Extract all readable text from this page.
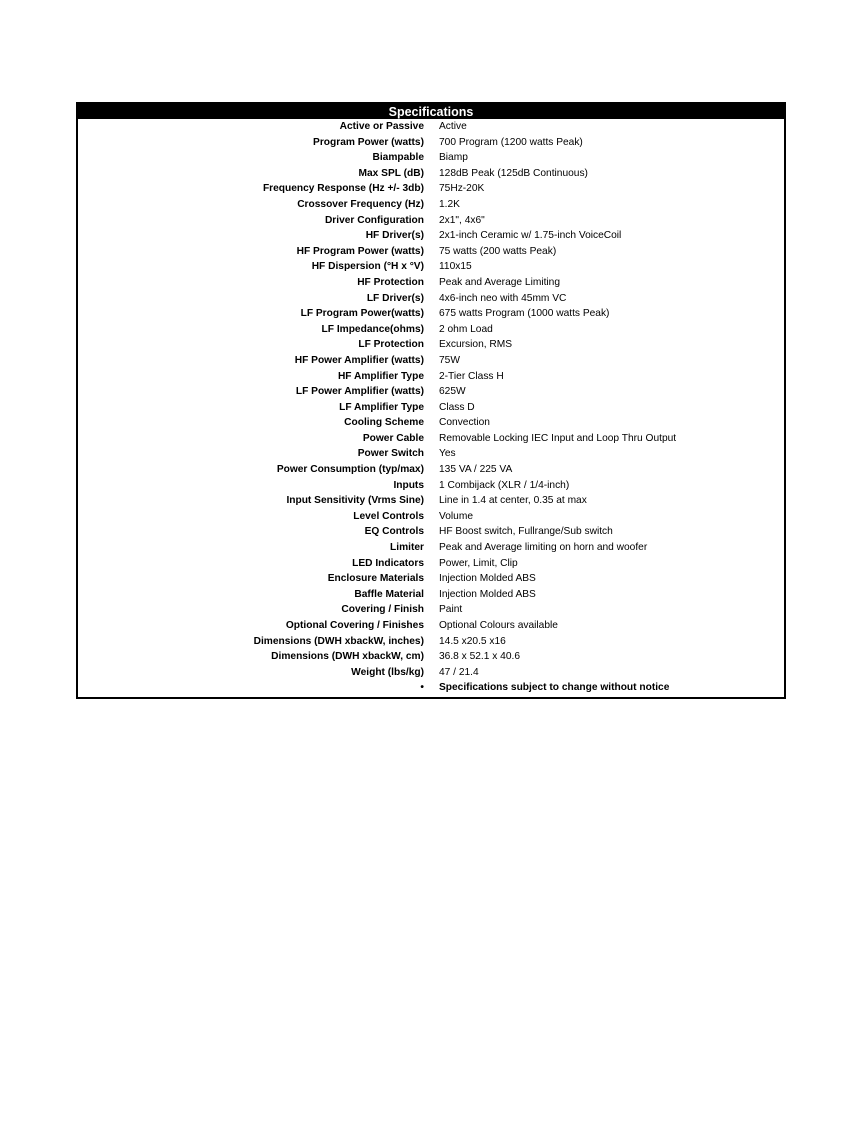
Specifications
Active or Passive	Active
Program Power (watts)	700 Program (1200 watts Peak)
Biampable	Biamp
Max SPL (dB)	128dB Peak (125dB Continuous)
Frequency Response (Hz +/- 3db)	75Hz-20K
Crossover Frequency (Hz)	1.2K
Driver Configuration	2x1", 4x6"
HF Driver(s)	2x1-inch Ceramic w/ 1.75-inch VoiceCoil
HF Program Power (watts)	75 watts (200 watts Peak)
HF Dispersion (°H x °V)	110x15
HF Protection	Peak and Average Limiting
LF Driver(s)	4x6-inch neo with 45mm VC
LF Program Power(watts)	675 watts Program (1000 watts Peak)
LF Impedance(ohms)	2 ohm Load
LF Protection	Excursion, RMS
HF Power Amplifier (watts)	75W
HF Amplifier Type	2-Tier Class H
LF Power Amplifier (watts)	625W
LF Amplifier Type	Class D
Cooling Scheme	Convection
Power Cable	Removable Locking IEC Input and Loop Thru Output
Power Switch	Yes
Power Consumption (typ/max)	135 VA / 225 VA
Inputs	1 Combijack (XLR / 1/4-inch)
Input Sensitivity (Vrms Sine)	Line in 1.4 at center, 0.35 at max
Level Controls	Volume
EQ Controls	HF Boost switch, Fullrange/Sub switch
Limiter	Peak and Average limiting on horn and woofer
LED Indicators	Power, Limit, Clip
Enclosure Materials	Injection Molded ABS
Baffle Material	Injection Molded ABS
Covering / Finish	Paint
Optional Covering / Finishes	Optional Colours available
Dimensions (DWH xbackW, inches)	14.5 x20.5 x16
Dimensions (DWH xbackW, cm)	36.8 x 52.1 x 40.6
Weight (lbs/kg)	47 / 21.4
•	Specifications subject to change without notice
